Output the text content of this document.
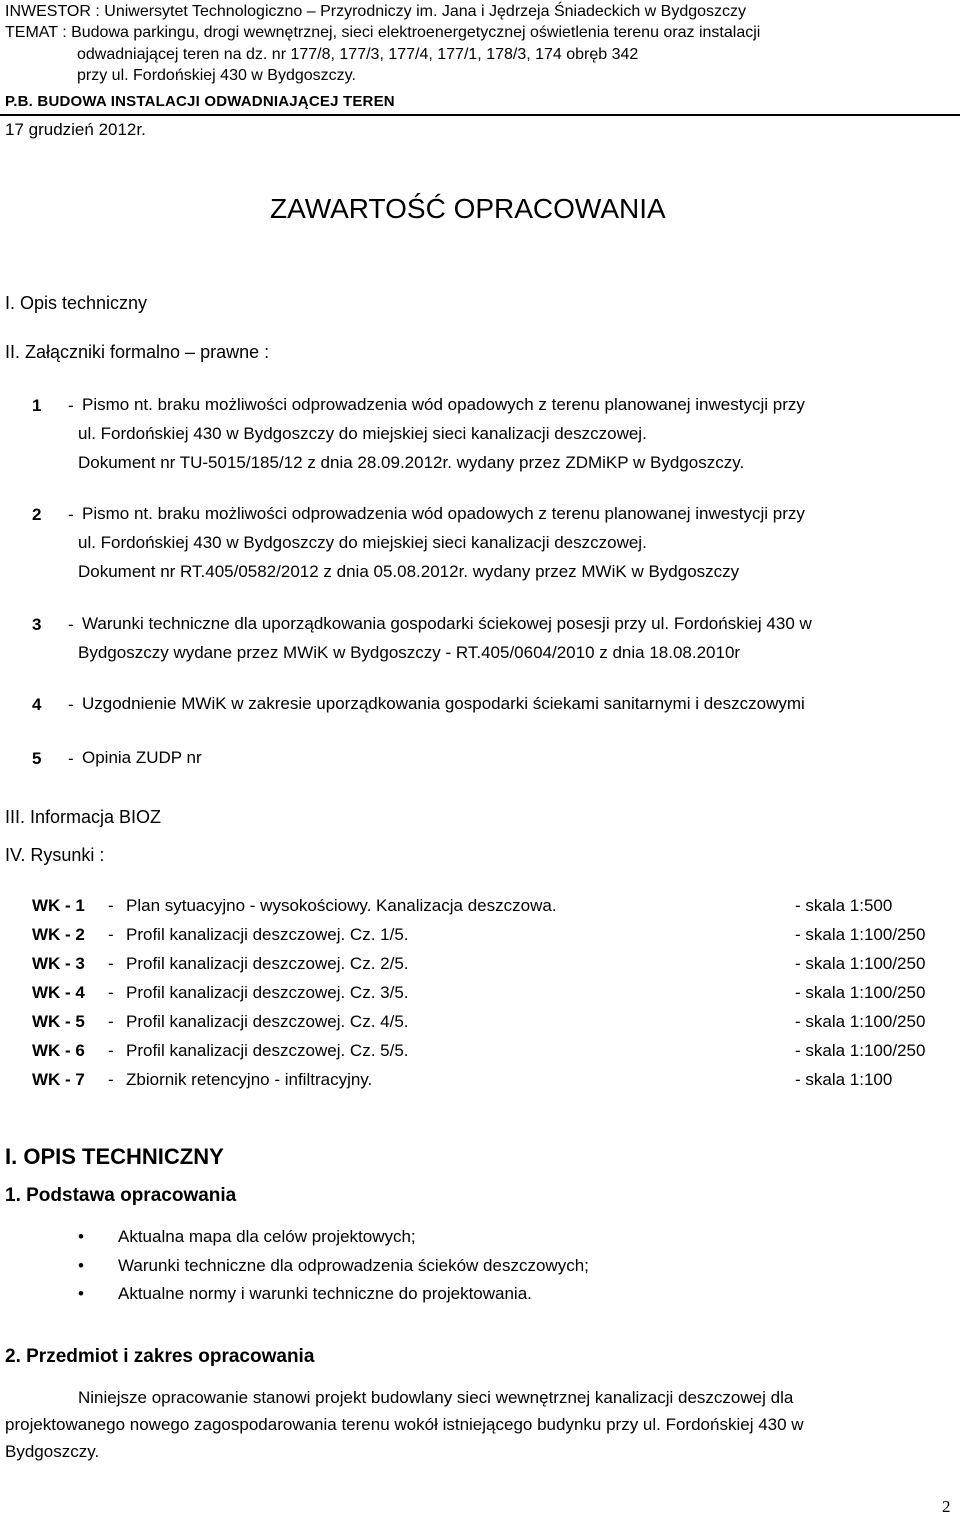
INWESTOR : Uniwersytet Technologiczno – Przyrodniczy im. Jana i Jędrzeja Śniadeckich w Bydgoszczy
TEMAT : Budowa parkingu, drogi wewnętrznej, sieci elektroenergetycznej oświetlenia terenu oraz instalacji
odwadniającej teren na dz. nr 177/8, 177/3, 177/4, 177/1, 178/3, 174 obręb 342
przy ul. Fordońskiej 430 w Bydgoszczy.
P.B. BUDOWA INSTALACJI ODWADNIAJĄCEJ TEREN
17 grudzień 2012r.
ZAWARTOŚĆ OPRACOWANIA
I. Opis techniczny
II. Załączniki formalno – prawne :
1 - Pismo nt. braku możliwości odprowadzenia wód opadowych z terenu planowanej inwestycji przy
ul. Fordońskiej 430 w Bydgoszczy do miejskiej sieci kanalizacji deszczowej.
Dokument nr TU-5015/185/12 z dnia 28.09.2012r. wydany przez ZDMiKP w Bydgoszczy.
2 - Pismo nt. braku możliwości odprowadzenia wód opadowych z terenu planowanej inwestycji przy
ul. Fordońskiej 430 w Bydgoszczy do miejskiej sieci kanalizacji deszczowej.
Dokument nr RT.405/0582/2012 z dnia 05.08.2012r. wydany przez MWiK w Bydgoszczy
3 - Warunki techniczne dla uporządkowania gospodarki ściekowej posesji przy ul. Fordońskiej 430 w
Bydgoszczy wydane przez MWiK w Bydgoszczy - RT.405/0604/2010 z dnia 18.08.2010r
4 - Uzgodnienie MWiK w zakresie uporządkowania gospodarki ściekami sanitarnymi i deszczowymi
5 - Opinia ZUDP nr
III. Informacja BIOZ
IV. Rysunki :
WK - 1 - Plan sytuacyjno - wysokościowy. Kanalizacja deszczowa.	- skala 1:500
WK - 2 - Profil kanalizacji deszczowej. Cz. 1/5.	- skala 1:100/250
WK - 3 - Profil kanalizacji deszczowej. Cz. 2/5.	- skala 1:100/250
WK - 4 - Profil kanalizacji deszczowej. Cz. 3/5.	- skala 1:100/250
WK - 5 - Profil kanalizacji deszczowej. Cz. 4/5.	- skala 1:100/250
WK - 6 - Profil kanalizacji deszczowej. Cz. 5/5.	- skala 1:100/250
WK - 7 - Zbiornik retencyjno - infiltracyjny.	- skala 1:100
I. OPIS TECHNICZNY
1. Podstawa opracowania
• Aktualna mapa dla celów projektowych;
• Warunki techniczne dla odprowadzenia ścieków deszczowych;
• Aktualne normy i warunki techniczne do projektowania.
2. Przedmiot i zakres opracowania
Niniejsze opracowanie stanowi projekt budowlany sieci wewnętrznej kanalizacji deszczowej dla
projektowanego nowego zagospodarowania terenu wokół istniejącego budynku przy ul. Fordońskiej 430 w
Bydgoszczy.
2
